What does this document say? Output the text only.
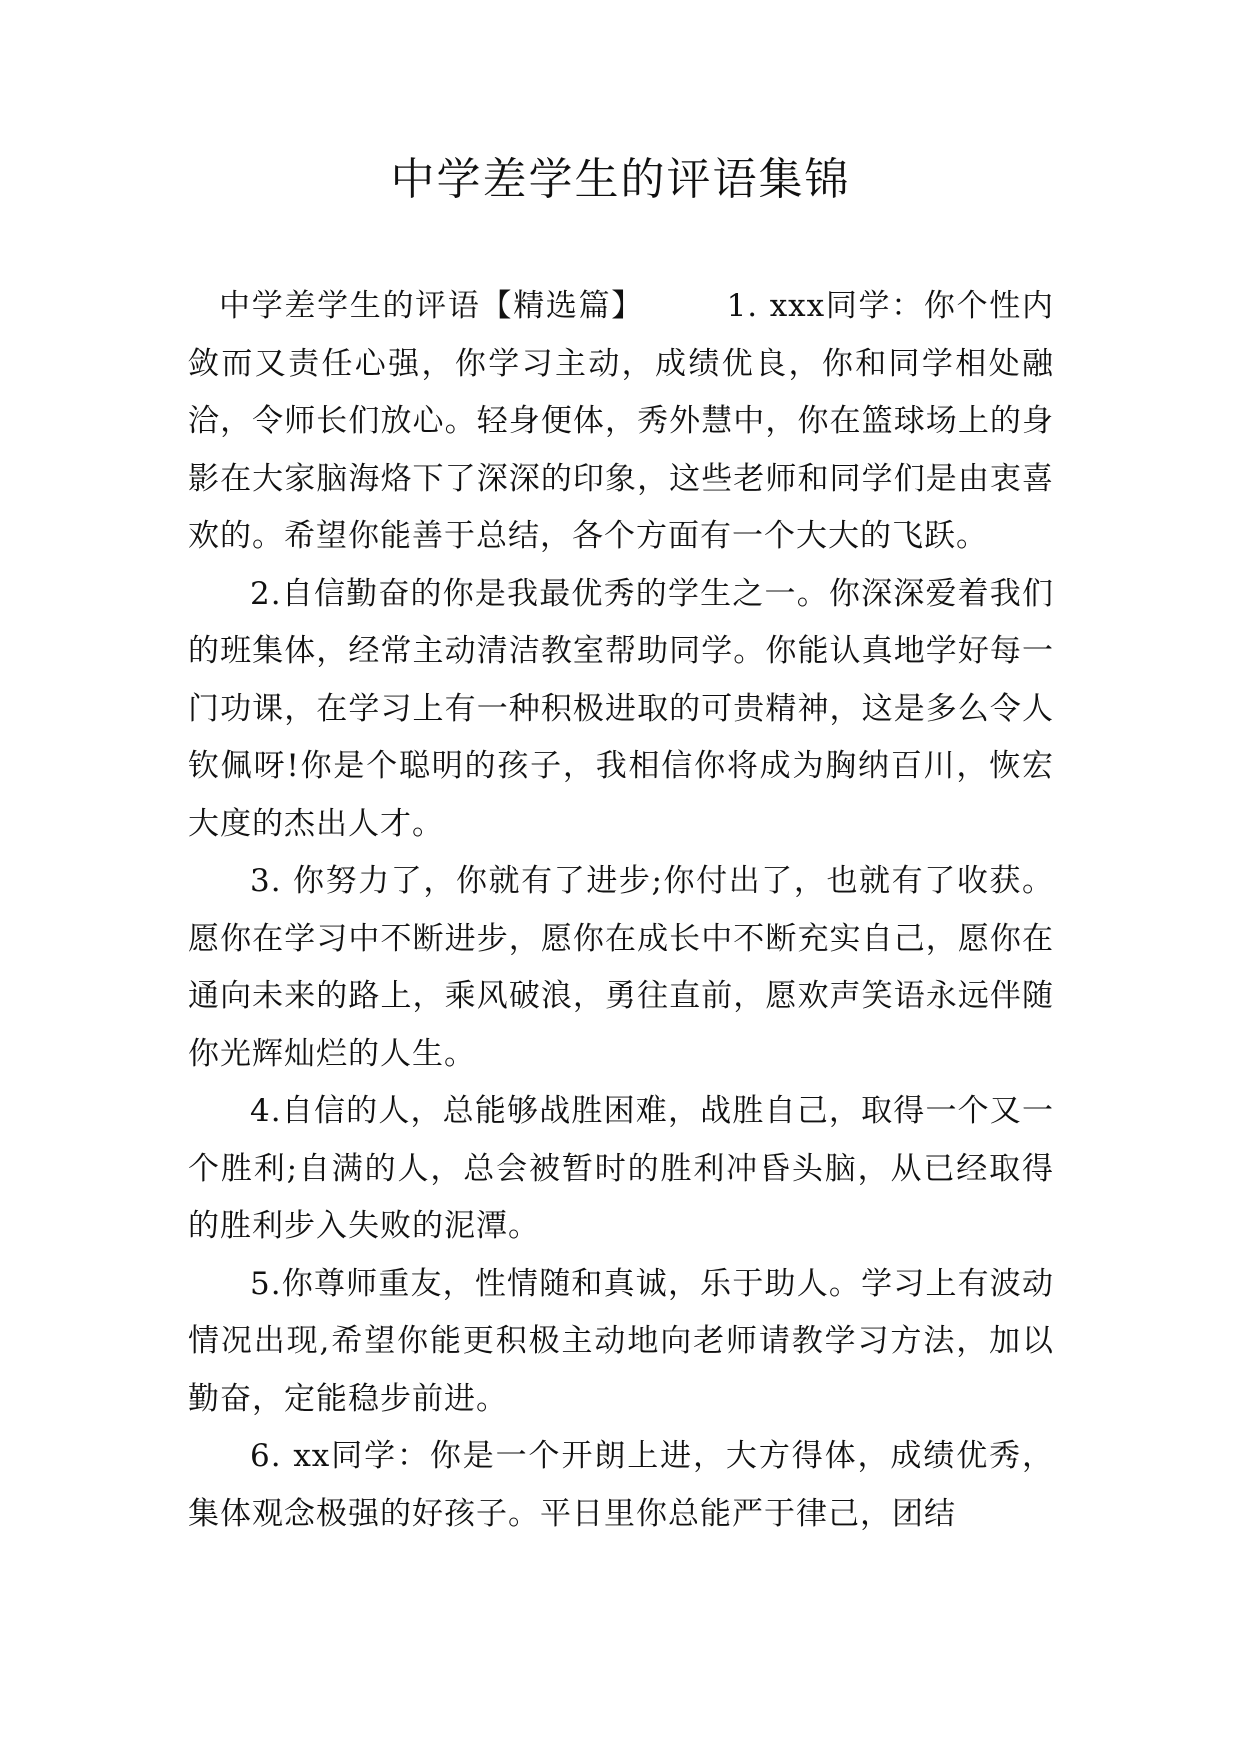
中学差学生的评语集锦

中学差学生的评语【精选篇】　　　1. xxx同学：你个性内敛而又责任心强，你学习主动，成绩优良，你和同学相处融洽，令师长们放心。轻身便体，秀外慧中，你在篮球场上的身影在大家脑海烙下了深深的印象，这些老师和同学们是由衷喜欢的。希望你能善于总结，各个方面有一个大大的飞跃。

2.自信勤奋的你是我最优秀的学生之一。你深深爱着我们的班集体，经常主动清洁教室帮助同学。你能认真地学好每一门功课，在学习上有一种积极进取的可贵精神，这是多么令人钦佩呀!你是个聪明的孩子，我相信你将成为胸纳百川，恢宏大度的杰出人才。

3. 你努力了，你就有了进步;你付出了，也就有了收获。愿你在学习中不断进步，愿你在成长中不断充实自己，愿你在通向未来的路上，乘风破浪，勇往直前，愿欢声笑语永远伴随你光辉灿烂的人生。

4.自信的人，总能够战胜困难，战胜自己，取得一个又一个胜利;自满的人，总会被暂时的胜利冲昏头脑，从已经取得的胜利步入失败的泥潭。

5.你尊师重友，性情随和真诚，乐于助人。学习上有波动情况出现,希望你能更积极主动地向老师请教学习方法，加以勤奋，定能稳步前进。

6. xx同学：你是一个开朗上进，大方得体，成绩优秀，集体观念极强的好孩子。平日里你总能严于律己，团结
